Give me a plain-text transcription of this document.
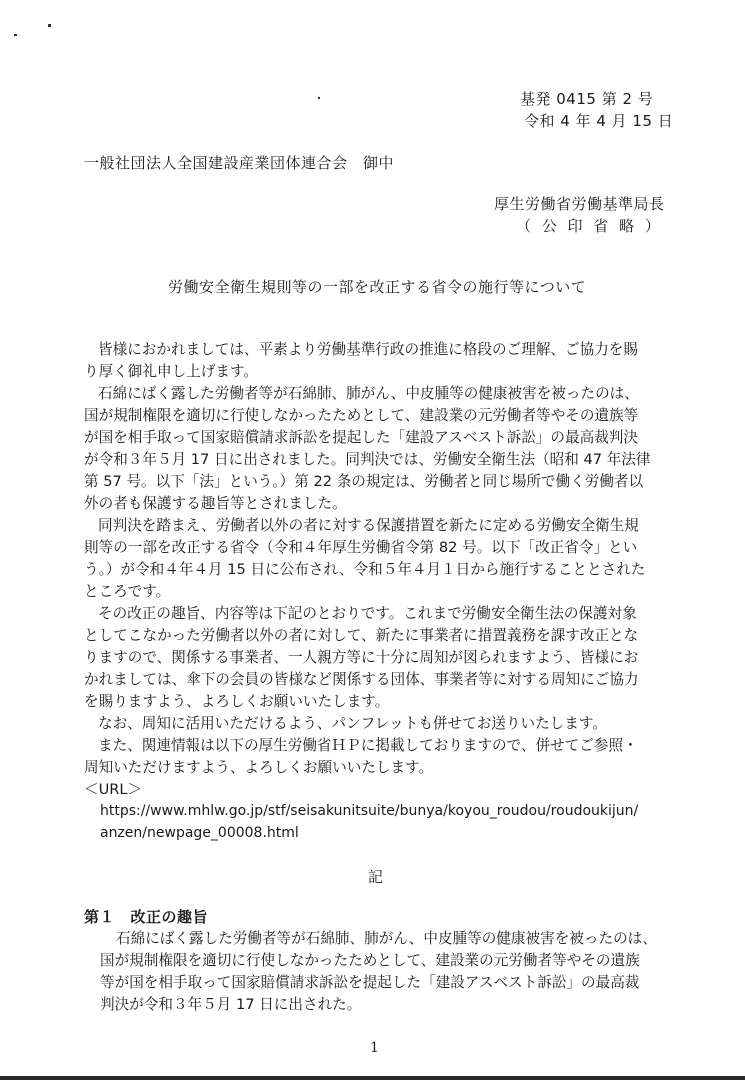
基発 0415 第 2 号
令和 4 年 4 月 15 日
一般社団法人全国建設産業団体連合会　御中
厚生労働省労働基準局長
（ 公 印 省 略 ）
労働安全衛生規則等の一部を改正する省令の施行等について
皆様におかれましては、平素より労働基準行政の推進に格段のご理解、ご協力を賜
り厚く御礼申し上げます。
石綿にばく露した労働者等が石綿肺、肺がん、中皮腫等の健康被害を被ったのは、
国が規制権限を適切に行使しなかったためとして、建設業の元労働者等やその遺族等
が国を相手取って国家賠償請求訴訟を提起した「建設アスベスト訴訟」の最高裁判決
が令和３年５月 17 日に出されました。同判決では、労働安全衛生法（昭和 47 年法律
第 57 号。以下「法」という。）第 22 条の規定は、労働者と同じ場所で働く労働者以
外の者も保護する趣旨等とされました。
同判決を踏まえ、労働者以外の者に対する保護措置を新たに定める労働安全衛生規
則等の一部を改正する省令（令和４年厚生労働省令第 82 号。以下「改正省令」とい
う。）が令和４年４月 15 日に公布され、令和５年４月１日から施行することとされた
ところです。
その改正の趣旨、内容等は下記のとおりです。これまで労働安全衛生法の保護対象
としてこなかった労働者以外の者に対して、新たに事業者に措置義務を課す改正とな
りますので、関係する事業者、一人親方等に十分に周知が図られますよう、皆様にお
かれましては、傘下の会員の皆様など関係する団体、事業者等に対する周知にご協力
を賜りますよう、よろしくお願いいたします。
なお、周知に活用いただけるよう、パンフレットも併せてお送りいたします。
また、関連情報は以下の厚生労働省ＨＰに掲載しておりますので、併せてご参照・
周知いただけますよう、よろしくお願いいたします。
＜URL＞
https://www.mhlw.go.jp/stf/seisakunitsuite/bunya/koyou_roudou/roudoukijun/
anzen/newpage_00008.html
記
第１　改正の趣旨
石綿にばく露した労働者等が石綿肺、肺がん、中皮腫等の健康被害を被ったのは、
国が規制権限を適切に行使しなかったためとして、建設業の元労働者等やその遺族
等が国を相手取って国家賠償請求訴訟を提起した「建設アスベスト訴訟」の最高裁
判決が令和３年５月 17 日に出された。
1
